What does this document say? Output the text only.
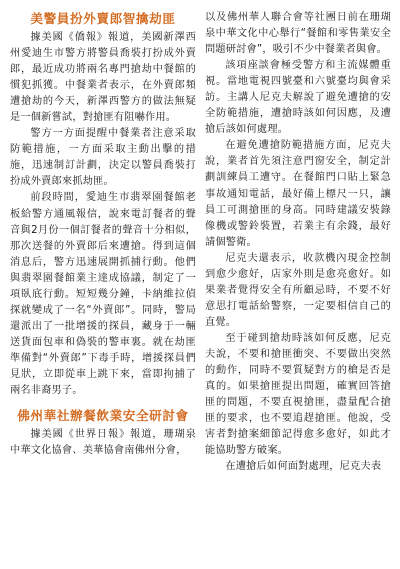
美警員扮外賣郎智擒劫匪

據美國《僑報》報道，美國新澤西州愛迪生市警方將警員喬裝打扮成外賣郎，最近成功將兩名專門搶劫中餐館的慣犯抓獲。中餐業者表示，在外賣郎頻遭搶劫的今天，新澤西警方的做法無疑是一個新嘗試，對搶匪有阻嚇作用。

警方一方面提醒中餐業者注意采取防範措施，一方面采取主動出擊的措施，迅速制訂計劃，決定以警員喬裝打扮成外賣郎來抓劫匪。

前段時間，愛迪生市翡翠園餐館老板給警方通風報信，說來電訂餐者的聲音與2月份一個訂餐者的聲音十分相似，那次送餐的外賣郎后來遭搶。得到這個消息后，警方迅速展開抓捕行動。他們與翡翠園餐館業主達成協議，制定了一項臥底行動。短短幾分鐘，卡納維拉偵探就變成了一名“外賣郎”。同時，警局還派出了一批增援的探員，藏身于一輛送貨面包車和偽裝的警車裏。就在劫匪準備對“外賣郎”下毒手時，增援探員們見狀，立即從車上跳下來，當即拘捕了兩名非裔男子。

佛州華社辦餐飲業安全研討會

據美國《世界日報》報道，珊瑚泉中華文化協會、美華協會南佛州分會，

以及佛州華人聯合會等社團日前在珊瑚泉中華文化中心舉行“餐館和零售業安全問題研討會”，吸引不少中餐業者與會。

該項座談會極受警方和主流媒體重視。當地電視四號臺和六號臺均與會采訪。主講人尼克夫解說了避免遭搶的安全防範措施，遭搶時該如何因應，及遭搶后該如何處理。

在避免遭搶防範措施方面，尼克夫說，業者首先須注意門窗安全，制定計劃訓練員工遭守。在餐館門口貼上緊急事故通知電話，最好備上標尺一只，讓員工可測搶匪的身高。同時建議安裝錄像機或警鈴裝置，若業主有余錢，最好請個警衛。

尼克夫還表示，收款機內現金控制到愈少愈好，店家外則是愈亮愈好。如果業者覺得安全有所顧忌時，不要不好意思打電話給警察，一定要相信自己的直覺。

至于碰到搶劫時該如何反應，尼克夫說，不要和搶匪衝突、不要做出突然的動作，同時不要質疑對方的槍是否是真的。如果搶匪提出問題，確實回答搶匪的問題，不要直視搶匪，盡量配合搶匪的要求，也不要追趕搶匪。他說，受害者對搶案細節記得愈多愈好，如此才能協助警方破案。

在遭搶后如何面對處理，尼克夫表
